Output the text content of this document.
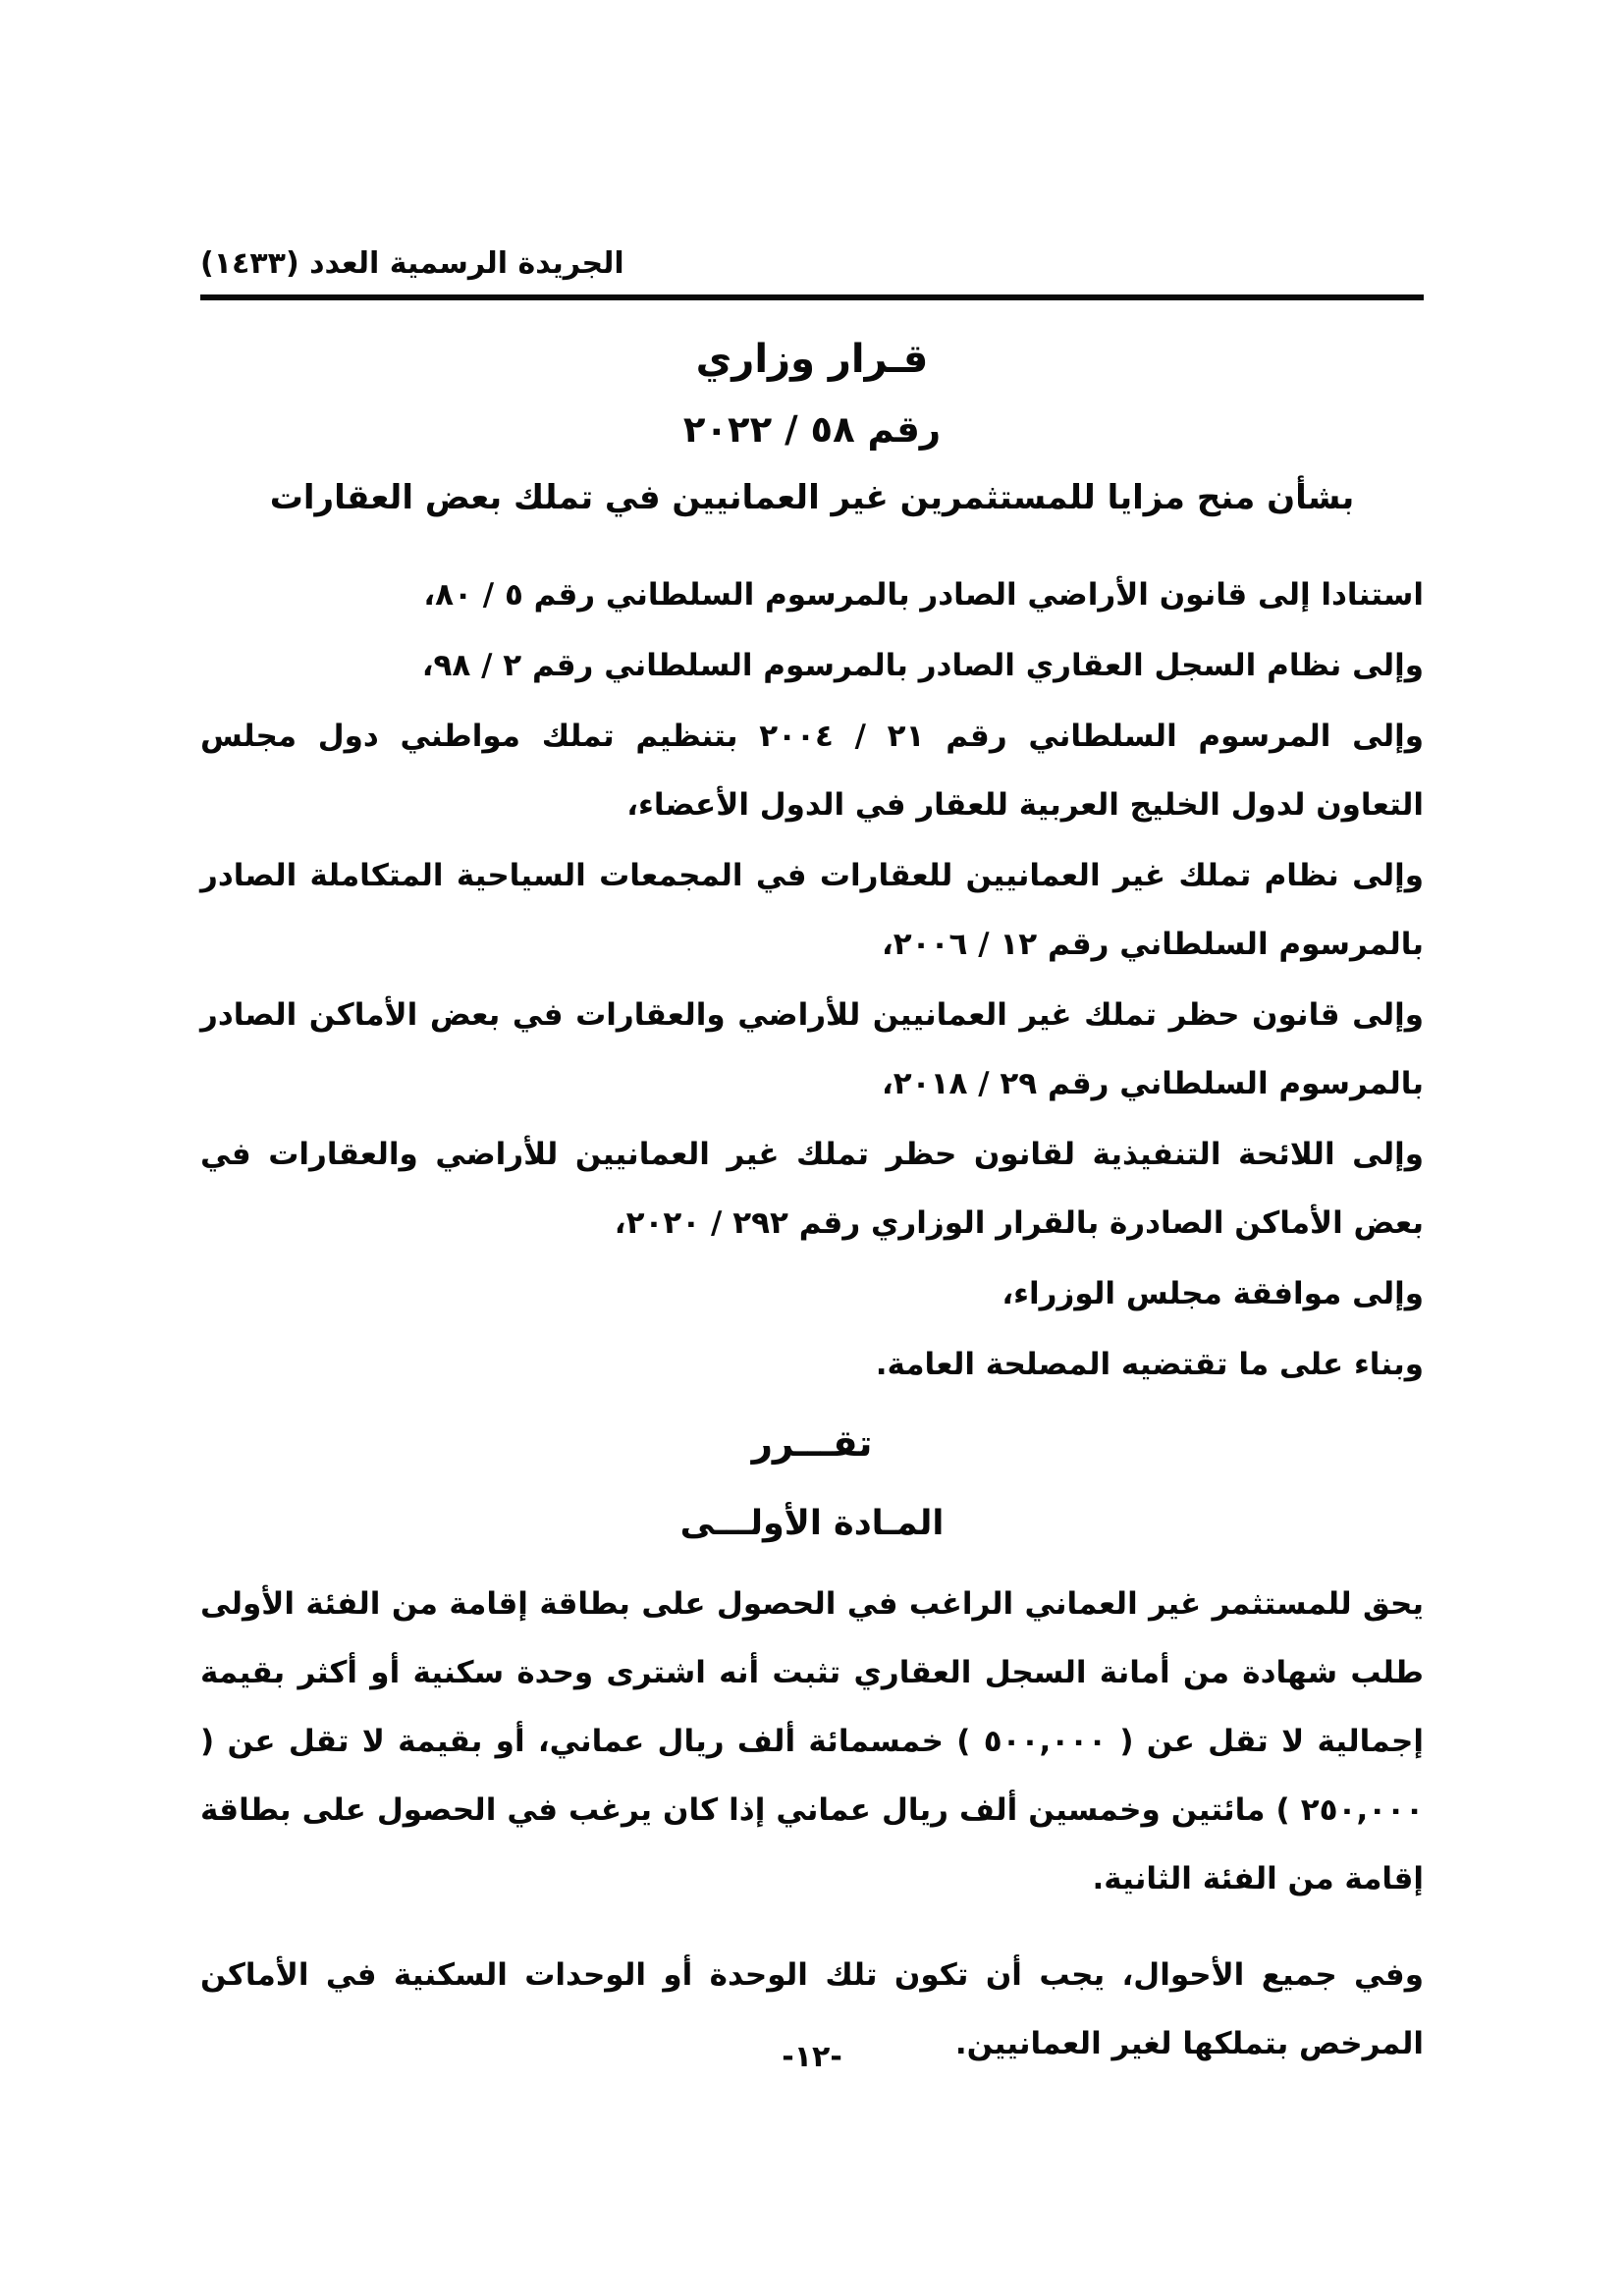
الجريدة الرسمية العدد (١٤٣٣)
قـرار وزاري
رقم ٥٨ / ٢٠٢٢
بشأن منح مزايا للمستثمرين غير العمانيين في تملك بعض العقارات

استنادا إلى قانون الأراضي الصادر بالمرسوم السلطاني رقم ٥ / ٨٠،

وإلى نظام السجل العقاري الصادر بالمرسوم السلطاني رقم ٢ / ٩٨،

وإلى المرسوم السلطاني رقم ٢١ / ٢٠٠٤ بتنظيم تملك مواطني دول مجلس التعاون لدول الخليج العربية للعقار في الدول الأعضاء،

وإلى نظام تملك غير العمانيين للعقارات في المجمعات السياحية المتكاملة الصادر بالمرسوم السلطاني رقم ١٢ / ٢٠٠٦،

وإلى قانون حظر تملك غير العمانيين للأراضي والعقارات في بعض الأماكن الصادر بالمرسوم السلطاني رقم ٢٩ / ٢٠١٨،

وإلى اللائحة التنفيذية لقانون حظر تملك غير العمانيين للأراضي والعقارات في بعض الأماكن الصادرة بالقرار الوزاري رقم ٢٩٢ / ٢٠٢٠،

وإلى موافقة مجلس الوزراء،

وبناء على ما تقتضيه المصلحة العامة.

تقـــرر
المـادة الأولـــى

يحق للمستثمر غير العماني الراغب في الحصول على بطاقة إقامة من الفئة الأولى طلب شهادة من أمانة السجل العقاري تثبت أنه اشترى وحدة سكنية أو أكثر بقيمة إجمالية لا تقل عن ( ٥٠٠,٠٠٠ ) خمسمائة ألف ريال عماني، أو بقيمة لا تقل عن ( ٢٥٠,٠٠٠ ) مائتين وخمسين ألف ريال عماني إذا كان يرغب في الحصول على بطاقة إقامة من الفئة الثانية.

وفي جميع الأحوال، يجب أن تكون تلك الوحدة أو الوحدات السكنية في الأماكن المرخص بتملكها لغير العمانيين.

-١٢-
